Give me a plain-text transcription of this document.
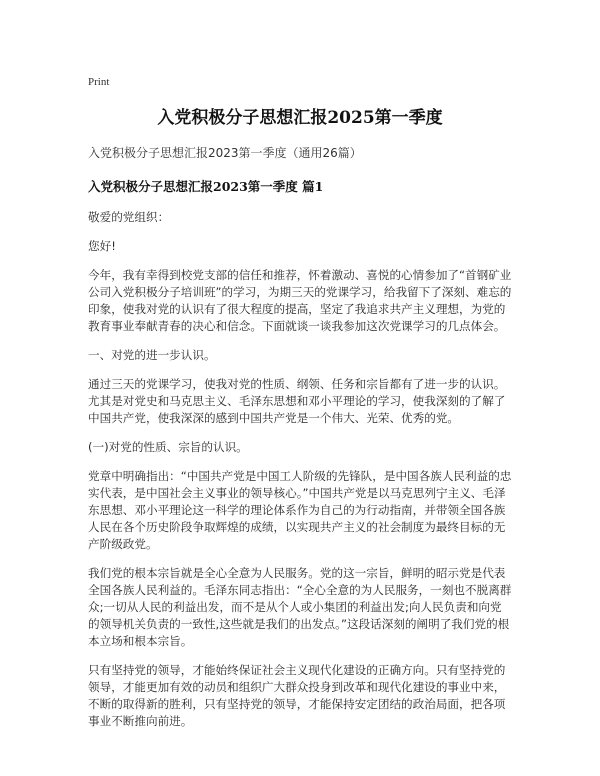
Print
入党积极分子思想汇报2025第一季度
入党积极分子思想汇报2023第一季度（通用26篇）
入党积极分子思想汇报2023第一季度 篇1

敬爱的党组织：

您好!

今年，我有幸得到校党支部的信任和推荐，怀着激动、喜悦的心情参加了“首钢矿业公司入党积极分子培训班”的学习，为期三天的党课学习，给我留下了深刻、难忘的印象，使我对党的认识有了很大程度的提高，坚定了我追求共产主义理想，为党的教育事业奉献青春的决心和信念。下面就谈一谈我参加这次党课学习的几点体会。

一、对党的进一步认识。

通过三天的党课学习，使我对党的性质、纲领、任务和宗旨都有了进一步的认识。尤其是对党史和马克思主义、毛泽东思想和邓小平理论的学习，使我深刻的了解了中国共产党，使我深深的感到中国共产党是一个伟大、光荣、优秀的党。

(一)对党的性质、宗旨的认识。

党章中明确指出：“中国共产党是中国工人阶级的先锋队，是中国各族人民利益的忠实代表，是中国社会主义事业的领导核心。”中国共产党是以马克思列宁主义、毛泽东思想、邓小平理论这一科学的理论体系作为自己的为行动指南，并带领全国各族人民在各个历史阶段争取辉煌的成绩，以实现共产主义的社会制度为最终目标的无产阶级政党。

我们党的根本宗旨就是全心全意为人民服务。党的这一宗旨，鲜明的昭示党是代表全国各族人民利益的。毛泽东同志指出：“全心全意的为人民服务，一刻也不脱离群众;一切从人民的利益出发，而不是从个人或小集团的利益出发;向人民负责和向党的领导机关负责的一致性,这些就是我们的出发点。”这段话深刻的阐明了我们党的根本立场和根本宗旨。

只有坚持党的领导，才能始终保证社会主义现代化建设的正确方向。只有坚持党的领导，才能更加有效的动员和组织广大群众投身到改革和现代化建设的事业中来，不断的取得新的胜利，只有坚持党的领导，才能保持安定团结的政治局面，把各项事业不断推向前进。
